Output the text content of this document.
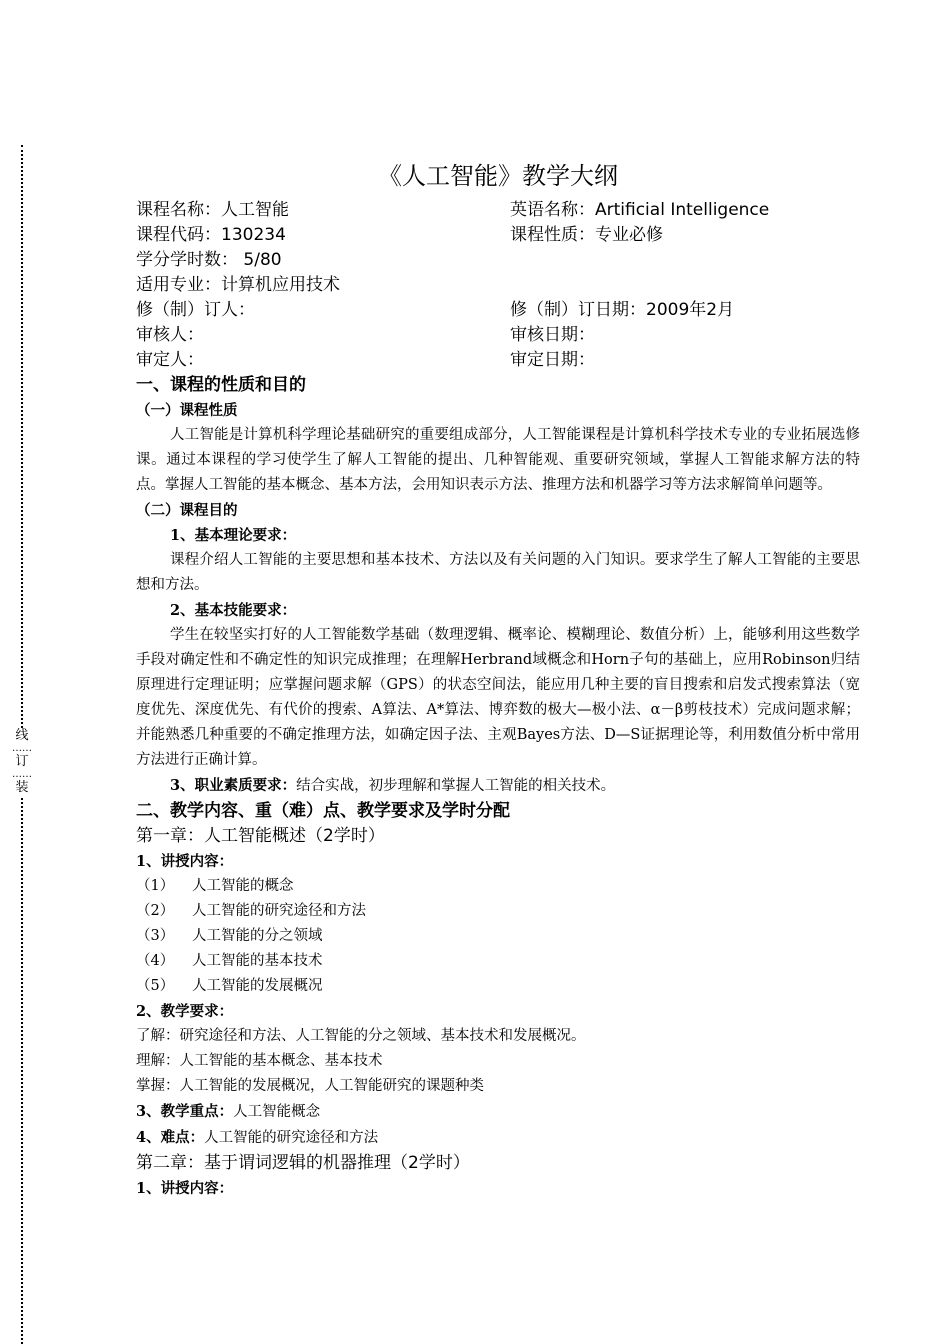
线
……
订
……
装
《人工智能》教学大纲
课程名称：人工智能	英语名称：Artificial Intelligence
课程代码：130234	课程性质：专业必修
学分学时数： 5/80
适用专业：计算机应用技术
修（制）订人：	修（制）订日期：2009年2月
审核人：	审核日期：
审定人：	审定日期：
一、课程的性质和目的
（一）课程性质

人工智能是计算机科学理论基础研究的重要组成部分，人工智能课程是计算机科学技术专业的专业拓展选修课。通过本课程的学习使学生了解人工智能的提出、几种智能观、重要研究领域，掌握人工智能求解方法的特点。掌握人工智能的基本概念、基本方法，会用知识表示方法、推理方法和机器学习等方法求解简单问题等。

（二）课程目的
1、基本理论要求：

课程介绍人工智能的主要思想和基本技术、方法以及有关问题的入门知识。要求学生了解人工智能的主要思想和方法。

2、基本技能要求：

学生在较坚实打好的人工智能数学基础（数理逻辑、概率论、模糊理论、数值分析）上，能够利用这些数学手段对确定性和不确定性的知识完成推理；在理解Herbrand域概念和Horn子句的基础上，应用Robinson归结原理进行定理证明；应掌握问题求解（GPS）的状态空间法，能应用几种主要的盲目搜索和启发式搜索算法（宽度优先、深度优先、有代价的搜索、A算法、A*算法、博弈数的极大—极小法、α－β剪枝技术）完成问题求解；并能熟悉几种重要的不确定推理方法，如确定因子法、主观Bayes方法、D—S证据理论等，利用数值分析中常用方法进行正确计算。

3、职业素质要求：结合实战，初步理解和掌握人工智能的相关技术。

二、教学内容、重（难）点、教学要求及学时分配
第一章：人工智能概述（2学时）
1、讲授内容：
（1）	人工智能的概念
（2）	人工智能的研究途径和方法
（3）	人工智能的分之领域
（4）	人工智能的基本技术
（5）	人工智能的发展概况
2、教学要求：

了解：研究途径和方法、人工智能的分之领域、基本技术和发展概况。

理解：人工智能的基本概念、基本技术

掌握：人工智能的发展概况，人工智能研究的课题种类

3、教学重点：人工智能概念

4、难点：人工智能的研究途径和方法

第二章：基于谓词逻辑的机器推理（2学时）
1、讲授内容：
